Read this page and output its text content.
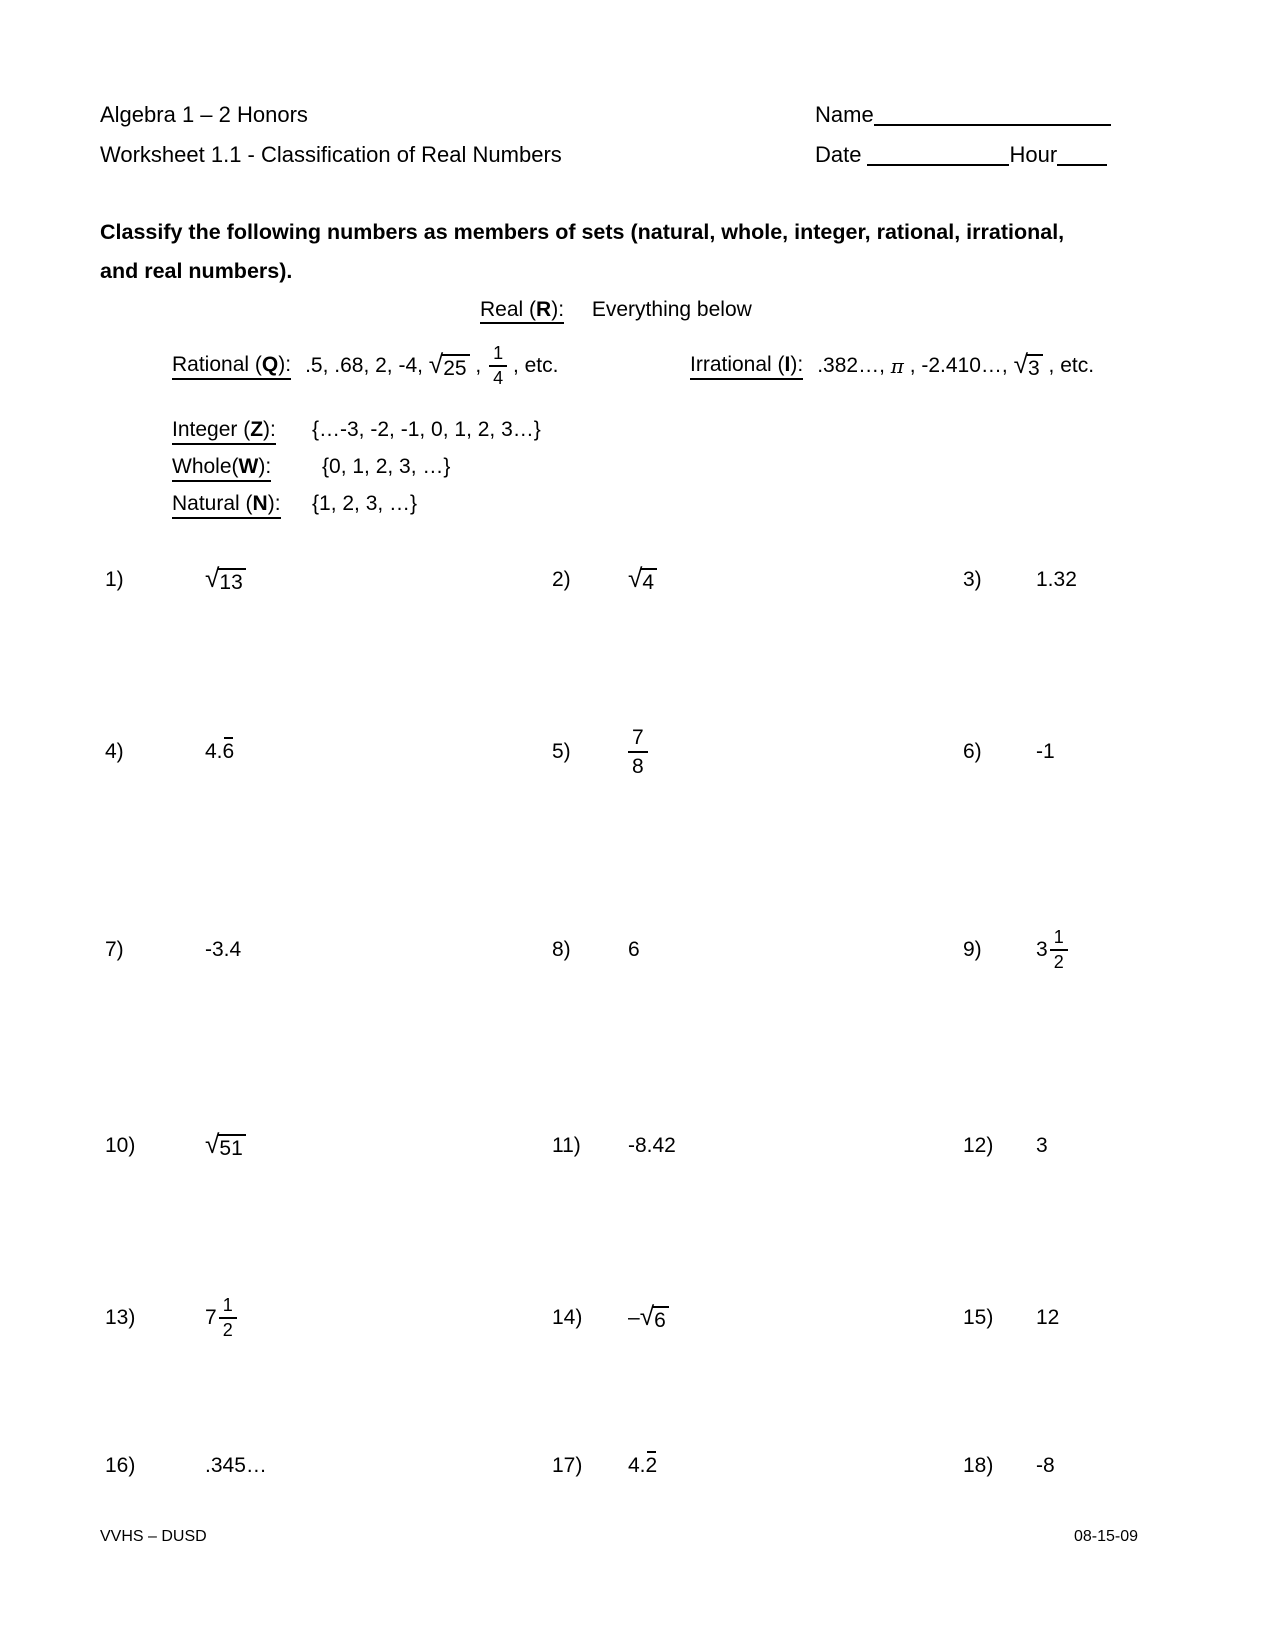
Algebra 1 – 2 Honors
Worksheet 1.1 - Classification of Real Numbers
Name
Date	Hour
Classify the following numbers as members of sets (natural, whole, integer, rational, irrational,
and real numbers).
Real (R): Everything below
Rational (Q): .5, .68, 2, -4, √ 25 , $\frac{1}{4}$ , etc.	Irrational (I): .382…, π , -2.410…, √ 3 , etc.
Integer (Z):	{…-3, -2, -1, 0, 1, 2, 3…}
Whole(W):	{0, 1, 2, 3, …}
Natural (N):	{1, 2, 3, …}
1)	√ 13	2)	√ 4	3)	1.32
4)	4. 6	5)	$\frac{7}{8}$	6)	-1
7)	-3.4	8)	6	9)	$3 \frac{1}{2}$
10)	√ 51	11)	-8.42	12)	3
13)	$7 \frac{1}{2}$	14)	– √ 6	15)	12
16)	.345…	17)	4. 2	18)	-8
VVHS – DUSD	08-15-09
